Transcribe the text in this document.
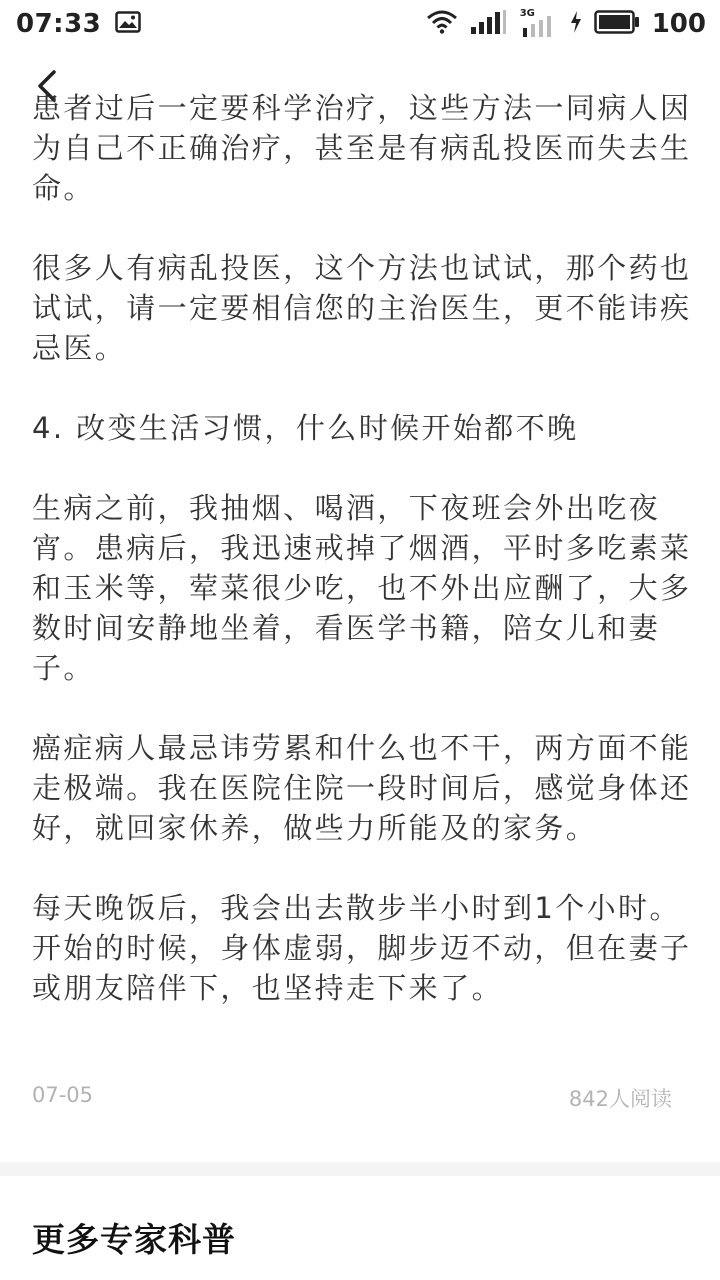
07:33	3G	100

患者过后一定要科学治疗，这些方法一同病人因为自己不正确治疗，甚至是有病乱投医而失去生命。

很多人有病乱投医，这个方法也试试，那个药也试试，请一定要相信您的主治医生，更不能讳疾忌医。

4. 改变生活习惯，什么时候开始都不晚

生病之前，我抽烟、喝酒，下夜班会外出吃夜宵。患病后，我迅速戒掉了烟酒，平时多吃素菜和玉米等，荤菜很少吃，也不外出应酬了，大多数时间安静地坐着，看医学书籍，陪女儿和妻子。

癌症病人最忌讳劳累和什么也不干，两方面不能走极端。我在医院住院一段时间后，感觉身体还好，就回家休养，做些力所能及的家务。

每天晚饭后，我会出去散步半小时到1个小时。开始的时候，身体虚弱，脚步迈不动，但在妻子或朋友陪伴下，也坚持走下来了。

07-05	842人阅读
更多专家科普
